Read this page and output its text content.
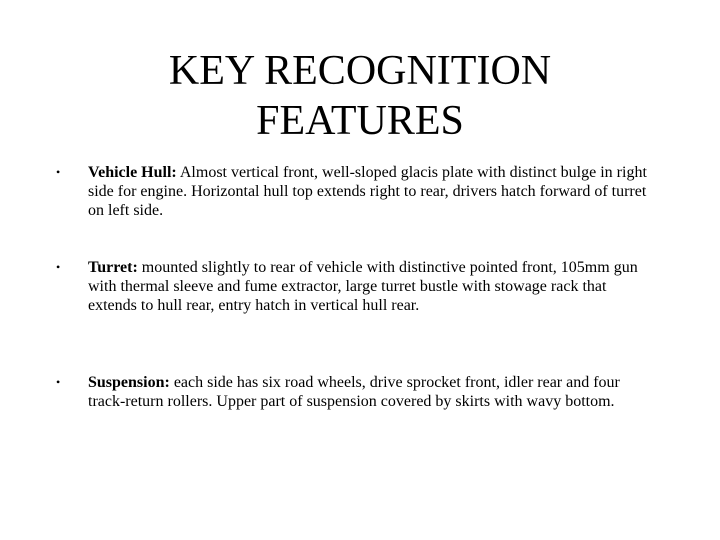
KEY RECOGNITION
FEATURES
•	Vehicle Hull: Almost vertical front, well-sloped glacis plate with distinct bulge in right side for engine. Horizontal hull top extends right to rear, drivers hatch forward of turret on left side.
•	Turret: mounted slightly to rear of vehicle with distinctive pointed front, 105mm gun with thermal sleeve and fume extractor, large turret bustle with stowage rack that extends to hull rear, entry hatch in vertical hull rear.
•	Suspension: each side has six road wheels, drive sprocket front, idler rear and four track-return rollers. Upper part of suspension covered by skirts with wavy bottom.
